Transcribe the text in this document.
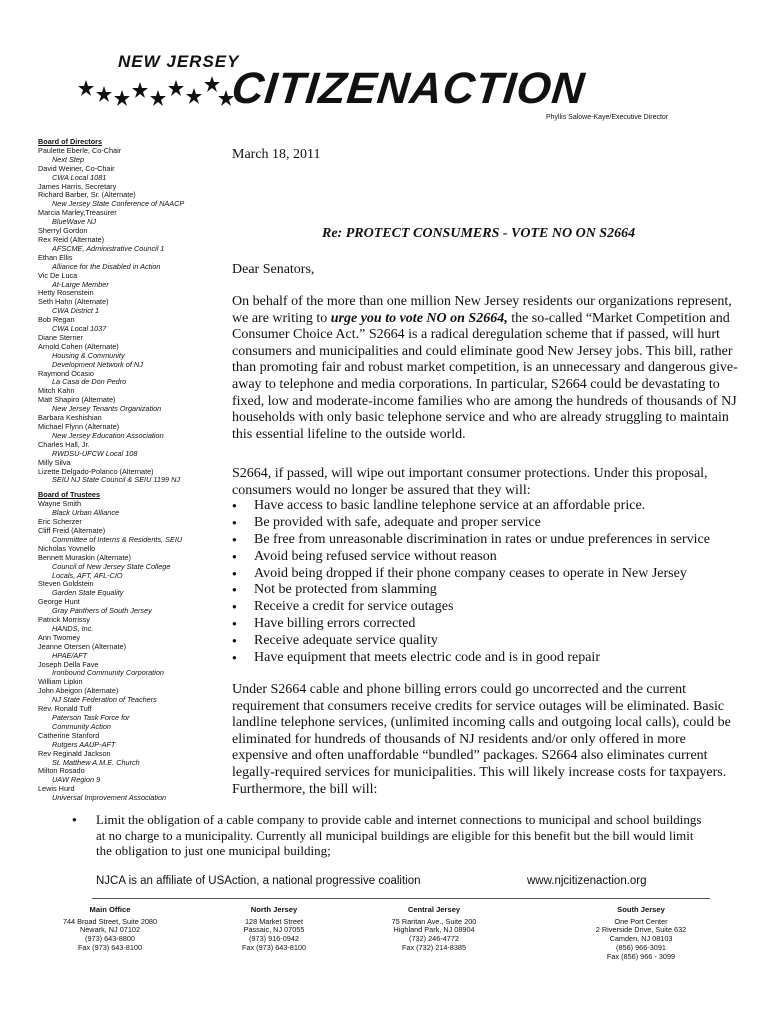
NEW JERSEY
CITIZENACTION
Phyllis Salowe-Kaye/Executive Director
Board of Directors
Paulette Eberle, Co-Chair
Next Step
David Weiner, Co-Chair
CWA Local 1081
James Harris, Secretary
Richard Barber, Sr. (Alternate)
New Jersey State Conference of NAACP
Marcia Marley,Treasurer
BlueWave NJ
Sherryl Gordon
Rex Reid (Alternate)
AFSCME, Administrative Council 1
Ethan Ellis
Alliance for the Disabled in Action
Vic De Luca
At-Large Member
Hetty Rosenstein
Seth Hahn (Alternate)
CWA District 1
Bob Regan
CWA Local 1037
Diane Sterner
Arnold Cohen (Alternate)
Housing & Community
Development Network of NJ
Raymond Ocasio
La Casa de Don Pedro
Mitch Kahn
Matt Shapiro (Alternate)
New Jersey Tenants Organization
Barbara Keshishian
Michael Flynn (Alternate)
New Jersey Education Association
Charles Hall, Jr.
RWDSU-UFCW Local 108
Milly Silva
Lizette Delgado-Polanco (Alternate)
SEIU NJ State Council & SEIU 1199 NJ
Board of Trustees
Wayne Smith
Black Urban Alliance
Eric Scherzer
Cliff Freid (Alternate)
Committee of Interns & Residents, SEIU
Nicholas Yovnello
Bennett Muraskin (Alternate)
Council of New Jersey State College
Locals, AFT, AFL-CIO
Steven Goldstein
Garden State Equality
George Hunt
Gray Panthers of South Jersey
Patrick Morrissy
HANDS, Inc.
Ann Twomey
Jeanne Otersen (Alternate)
HPAE/AFT
Joseph Della Fave
Ironbound Community Corporation
William Lipkin
John Abeigon (Alternate)
NJ State Federation of Teachers
Rev. Ronald Tuff
Paterson Task Force for
Community Action
Catherine Stanford
Rutgers AAUP-AFT
Rev Reginald Jackson
St. Matthew A.M.E. Church
Milton Rosado
UAW Region 9
Lewis Hurd
Universal Improvement Association
March 18, 2011
Re: PROTECT CONSUMERS - VOTE NO ON S2664
Dear Senators,
On behalf of the more than one million New Jersey residents our organizations represent, we are writing to urge you to vote NO on S2664, the so-called “Market Competition and Consumer Choice Act.” S2664 is a radical deregulation scheme that if passed, will hurt consumers and municipalities and could eliminate good New Jersey jobs. This bill, rather than promoting fair and robust market competition, is an unnecessary and dangerous give-away to telephone and media corporations. In particular, S2664 could be devastating to fixed, low and moderate-income families who are among the hundreds of thousands of NJ households with only basic telephone service and who are already struggling to maintain this essential lifeline to the outside world.
S2664, if passed, will wipe out important consumer protections. Under this proposal, consumers would no longer be assured that they will:
● Have access to basic landline telephone service at an affordable price.
● Be provided with safe, adequate and proper service
● Be free from unreasonable discrimination in rates or undue preferences in service
● Avoid being refused service without reason
● Avoid being dropped if their phone company ceases to operate in New Jersey
● Not be protected from slamming
● Receive a credit for service outages
● Have billing errors corrected
● Receive adequate service quality
● Have equipment that meets electric code and is in good repair
Under S2664 cable and phone billing errors could go uncorrected and the current requirement that consumers receive credits for service outages will be eliminated. Basic landline telephone services, (unlimited incoming calls and outgoing local calls), could be eliminated for hundreds of thousands of NJ residents and/or only offered in more expensive and often unaffordable “bundled” packages. S2664 also eliminates current legally-required services for municipalities. This will likely increase costs for taxpayers. Furthermore, the bill will:
● Limit the obligation of a cable company to provide cable and internet connections to municipal and school buildings at no charge to a municipality. Currently all municipal buildings are eligible for this benefit but the bill would limit the obligation to just one municipal building;
NJCA is an affiliate of USAction, a national progressive coalition	www.njcitizenaction.org
Main Office
744 Broad Street, Suite 2080
Newark, NJ 07102
(973) 643-8800
Fax (973) 643-8100
North Jersey
128 Market Street
Passaic, NJ 07055
(973) 916-0942
Fax (973) 643-8100
Central Jersey
75 Raritan Ave., Suite 200
Highland Park, NJ 08904
(732) 246-4772
Fax (732) 214-8385
South Jersey
One Port Center
2 Riverside Drive, Suite 632
Camden, NJ 08103
(856) 966-3091
Fax (856) 966 - 3099
